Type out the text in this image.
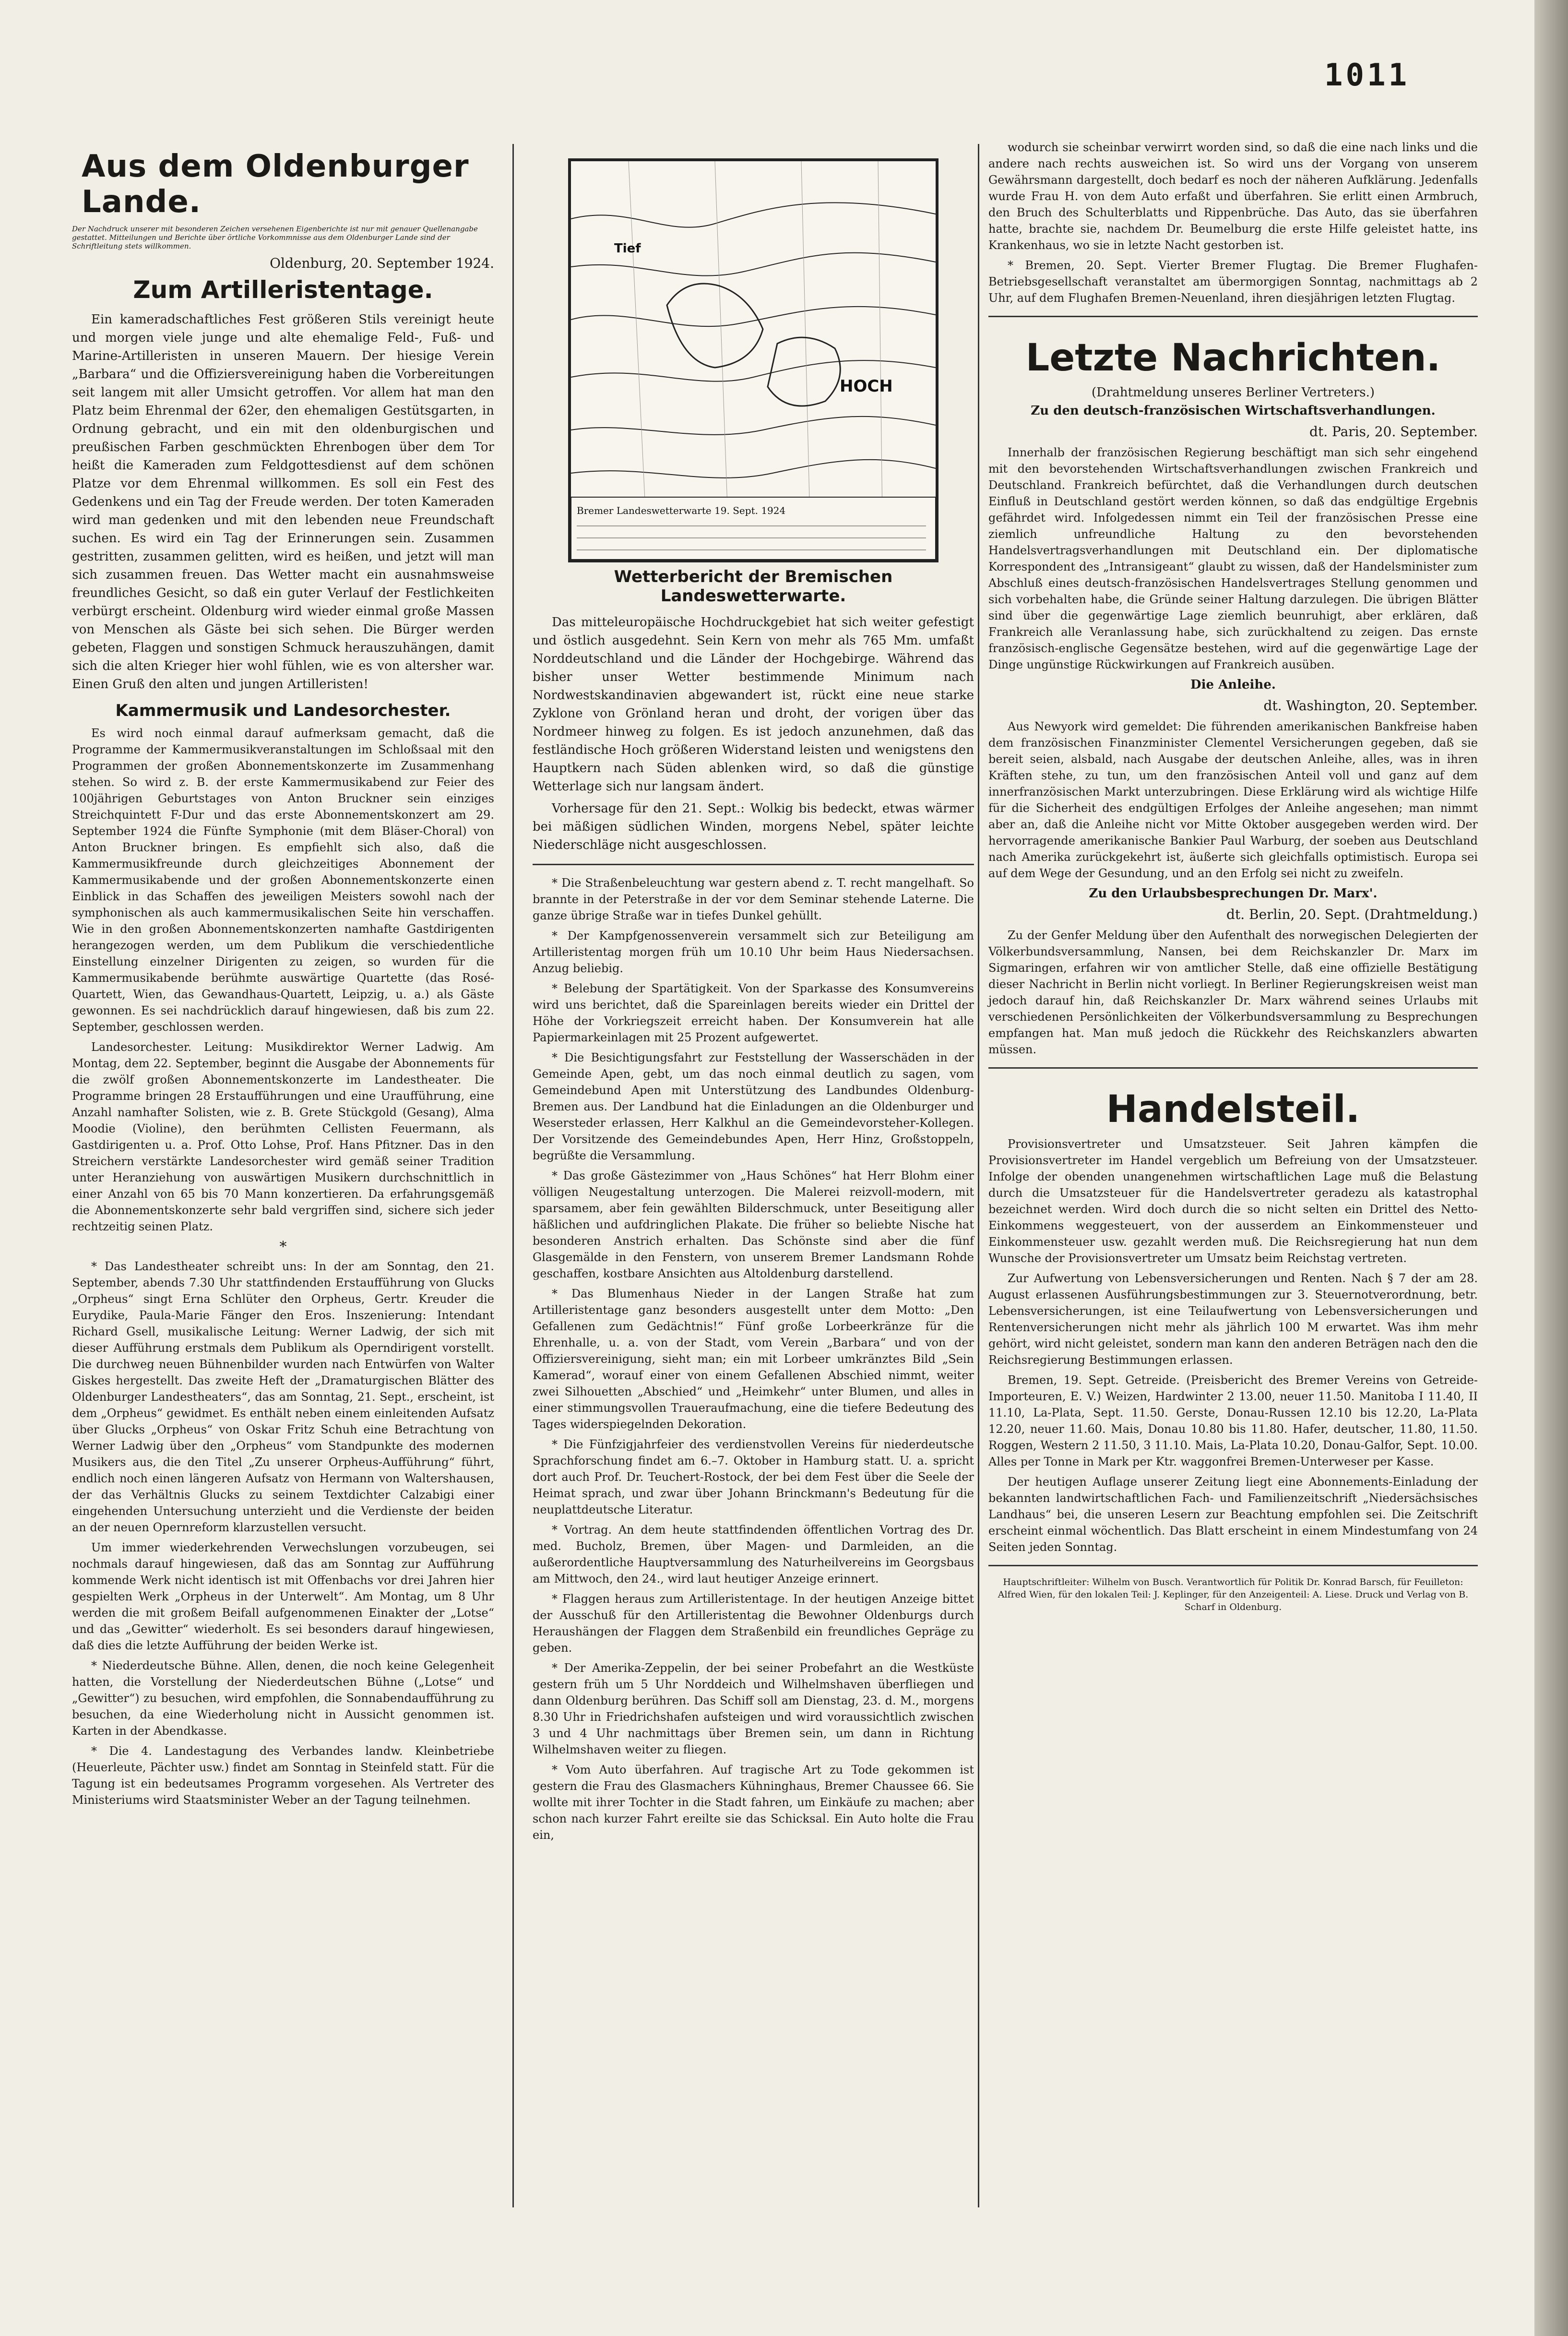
1011
Aus dem Oldenburger Lande.
Der Nachdruck unserer mit besonderen Zeichen versehenen Eigenberichte ist nur mit genauer Quellenangabe gestattet. Mitteilungen und Berichte über örtliche Vorkommnisse aus dem Oldenburger Lande sind der Schriftleitung stets willkommen.
Oldenburg, 20. September 1924.
Zum Artilleristentage.

Ein kameradschaftliches Fest größeren Stils vereinigt heute und morgen viele junge und alte ehemalige Feld-, Fuß- und Marine-Artilleristen in unseren Mauern. Der hiesige Verein „Barbara“ und die Offiziersvereinigung haben die Vorbereitungen seit langem mit aller Umsicht getroffen. Vor allem hat man den Platz beim Ehrenmal der 62er, den ehemaligen Gestütsgarten, in Ordnung gebracht, und ein mit den oldenburgischen und preußischen Farben geschmückten Ehrenbogen über dem Tor heißt die Kameraden zum Feldgottesdienst auf dem schönen Platze vor dem Ehrenmal willkommen. Es soll ein Fest des Gedenkens und ein Tag der Freude werden. Der toten Kameraden wird man gedenken und mit den lebenden neue Freundschaft suchen. Es wird ein Tag der Erinnerungen sein. Zusammen gestritten, zusammen gelitten, wird es heißen, und jetzt will man sich zusammen freuen. Das Wetter macht ein ausnahmsweise freundliches Gesicht, so daß ein guter Verlauf der Festlichkeiten verbürgt erscheint. Oldenburg wird wieder einmal große Massen von Menschen als Gäste bei sich sehen. Die Bürger werden gebeten, Flaggen und sonstigen Schmuck herauszuhängen, damit sich die alten Krieger hier wohl fühlen, wie es von altersher war. Einen Gruß den alten und jungen Artilleristen!

Kammermusik und Landesorchester.

Es wird noch einmal darauf aufmerksam gemacht, daß die Programme der Kammermusikveranstaltungen im Schloßsaal mit den Programmen der großen Abonnementskonzerte im Zusammenhang stehen. So wird z. B. der erste Kammermusikabend zur Feier des 100jährigen Geburtstages von Anton Bruckner sein einziges Streichquintett F-Dur und das erste Abonnementskonzert am 29. September 1924 die Fünfte Symphonie (mit dem Bläser-Choral) von Anton Bruckner bringen. Es empfiehlt sich also, daß die Kammermusikfreunde durch gleichzeitiges Abonnement der Kammermusikabende und der großen Abonnementskonzerte einen Einblick in das Schaffen des jeweiligen Meisters sowohl nach der symphonischen als auch kammermusikalischen Seite hin verschaffen. Wie in den großen Abonnementskonzerten namhafte Gastdirigenten herangezogen werden, um dem Publikum die verschiedentliche Einstellung einzelner Dirigenten zu zeigen, so wurden für die Kammermusikabende berühmte auswärtige Quartette (das Rosé-Quartett, Wien, das Gewandhaus-Quartett, Leipzig, u. a.) als Gäste gewonnen. Es sei nachdrücklich darauf hingewiesen, daß bis zum 22. September, geschlossen werden.

Landesorchester. Leitung: Musikdirektor Werner Ladwig. Am Montag, dem 22. September, beginnt die Ausgabe der Abonnements für die zwölf großen Abonnementskonzerte im Landestheater. Die Programme bringen 28 Erstaufführungen und eine Uraufführung, eine Anzahl namhafter Solisten, wie z. B. Grete Stückgold (Gesang), Alma Moodie (Violine), den berühmten Cellisten Feuermann, als Gastdirigenten u. a. Prof. Otto Lohse, Prof. Hans Pfitzner. Das in den Streichern verstärkte Landesorchester wird gemäß seiner Tradition unter Heranziehung von auswärtigen Musikern durchschnittlich in einer Anzahl von 65 bis 70 Mann konzertieren. Da erfahrungsgemäß die Abonnementskonzerte sehr bald vergriffen sind, sichere sich jeder rechtzeitig seinen Platz.

*

* Das Landestheater schreibt uns: In der am Sonntag, den 21. September, abends 7.30 Uhr stattfindenden Erstaufführung von Glucks „Orpheus“ singt Erna Schlüter den Orpheus, Gertr. Kreuder die Eurydike, Paula-Marie Fänger den Eros. Inszenierung: Intendant Richard Gsell, musikalische Leitung: Werner Ladwig, der sich mit dieser Aufführung erstmals dem Publikum als Operndirigent vorstellt. Die durchweg neuen Bühnenbilder wurden nach Entwürfen von Walter Giskes hergestellt. Das zweite Heft der „Dramaturgischen Blätter des Oldenburger Landestheaters“, das am Sonntag, 21. Sept., erscheint, ist dem „Orpheus“ gewidmet. Es enthält neben einem einleitenden Aufsatz über Glucks „Orpheus“ von Oskar Fritz Schuh eine Betrachtung von Werner Ladwig über den „Orpheus“ vom Standpunkte des modernen Musikers aus, die den Titel „Zu unserer Orpheus-Aufführung“ führt, endlich noch einen längeren Aufsatz von Hermann von Waltershausen, der das Verhältnis Glucks zu seinem Textdichter Calzabigi einer eingehenden Untersuchung unterzieht und die Verdienste der beiden an der neuen Opernreform klarzustellen versucht.

Um immer wiederkehrenden Verwechslungen vorzubeugen, sei nochmals darauf hingewiesen, daß das am Sonntag zur Aufführung kommende Werk nicht identisch ist mit Offenbachs vor drei Jahren hier gespielten Werk „Orpheus in der Unterwelt“. Am Montag, um 8 Uhr werden die mit großem Beifall aufgenommenen Einakter der „Lotse“ und das „Gewitter“ wiederholt. Es sei besonders darauf hingewiesen, daß dies die letzte Aufführung der beiden Werke ist.

* Niederdeutsche Bühne. Allen, denen, die noch keine Gelegenheit hatten, die Vorstellung der Niederdeutschen Bühne („Lotse“ und „Gewitter“) zu besuchen, wird empfohlen, die Sonnabendaufführung zu besuchen, da eine Wiederholung nicht in Aussicht genommen ist. Karten in der Abendkasse.

* Die 4. Landestagung des Verbandes landw. Kleinbetriebe (Heuerleute, Pächter usw.) findet am Sonntag in Steinfeld statt. Für die Tagung ist ein bedeutsames Programm vorgesehen. Als Vertreter des Ministeriums wird Staatsminister Weber an der Tagung teilnehmen.

HOCH
Tief
Bremer Landeswetterwarte 19. Sept. 1924
Wetterbericht der Bremischen Landeswetterwarte.

Das mitteleuropäische Hochdruckgebiet hat sich weiter gefestigt und östlich ausgedehnt. Sein Kern von mehr als 765 Mm. umfaßt Norddeutschland und die Länder der Hochgebirge. Während das bisher unser Wetter bestimmende Minimum nach Nordwestskandinavien abgewandert ist, rückt eine neue starke Zyklone von Grönland heran und droht, der vorigen über das Nordmeer hinweg zu folgen. Es ist jedoch anzunehmen, daß das festländische Hoch größeren Widerstand leisten und wenigstens den Hauptkern nach Süden ablenken wird, so daß die günstige Wetterlage sich nur langsam ändert.

Vorhersage für den 21. Sept.: Wolkig bis bedeckt, etwas wärmer bei mäßigen südlichen Winden, morgens Nebel, später leichte Niederschläge nicht ausgeschlossen.

* Die Straßenbeleuchtung war gestern abend z. T. recht mangelhaft. So brannte in der Peterstraße in der vor dem Seminar stehende Laterne. Die ganze übrige Straße war in tiefes Dunkel gehüllt.

* Der Kampfgenossenverein versammelt sich zur Beteiligung am Artilleristentag morgen früh um 10.10 Uhr beim Haus Niedersachsen. Anzug beliebig.

* Belebung der Spartätigkeit. Von der Sparkasse des Konsumvereins wird uns berichtet, daß die Spareinlagen bereits wieder ein Drittel der Höhe der Vorkriegszeit erreicht haben. Der Konsumverein hat alle Papiermarkeinlagen mit 25 Prozent aufgewertet.

* Die Besichtigungsfahrt zur Feststellung der Wasserschäden in der Gemeinde Apen, gebt, um das noch einmal deutlich zu sagen, vom Gemeindebund Apen mit Unterstützung des Landbundes Oldenburg-Bremen aus. Der Landbund hat die Einladungen an die Oldenburger und Wesersteder erlassen, Herr Kalkhul an die Gemeindevorsteher-Kollegen. Der Vorsitzende des Gemeindebundes Apen, Herr Hinz, Großstoppeln, begrüßte die Versammlung.

* Das große Gästezimmer von „Haus Schönes“ hat Herr Blohm einer völligen Neugestaltung unterzogen. Die Malerei reizvoll-modern, mit sparsamem, aber fein gewählten Bilderschmuck, unter Beseitigung aller häßlichen und aufdringlichen Plakate. Die früher so beliebte Nische hat besonderen Anstrich erhalten. Das Schönste sind aber die fünf Glasgemälde in den Fenstern, von unserem Bremer Landsmann Rohde geschaffen, kostbare Ansichten aus Altoldenburg darstellend.

* Das Blumenhaus Nieder in der Langen Straße hat zum Artilleristentage ganz besonders ausgestellt unter dem Motto: „Den Gefallenen zum Gedächtnis!“ Fünf große Lorbeerkränze für die Ehrenhalle, u. a. von der Stadt, vom Verein „Barbara“ und von der Offiziersvereinigung, sieht man; ein mit Lorbeer umkränztes Bild „Sein Kamerad“, worauf einer von einem Gefallenen Abschied nimmt, weiter zwei Silhouetten „Abschied“ und „Heimkehr“ unter Blumen, und alles in einer stimmungsvollen Traueraufmachung, eine die tiefere Bedeutung des Tages widerspiegelnden Dekoration.

* Die Fünfzigjahrfeier des verdienstvollen Vereins für niederdeutsche Sprachforschung findet am 6.–7. Oktober in Hamburg statt. U. a. spricht dort auch Prof. Dr. Teuchert-Rostock, der bei dem Fest über die Seele der Heimat sprach, und zwar über Johann Brinckmann's Bedeutung für die neuplattdeutsche Literatur.

* Vortrag. An dem heute stattfindenden öffentlichen Vortrag des Dr. med. Bucholz, Bremen, über Magen- und Darmleiden, an die außerordentliche Hauptversammlung des Naturheilvereins im Georgsbaus am Mittwoch, den 24., wird laut heutiger Anzeige erinnert.

* Flaggen heraus zum Artilleristentage. In der heutigen Anzeige bittet der Ausschuß für den Artilleristentag die Bewohner Oldenburgs durch Heraushängen der Flaggen dem Straßenbild ein freundliches Gepräge zu geben.

* Der Amerika-Zeppelin, der bei seiner Probefahrt an die Westküste gestern früh um 5 Uhr Norddeich und Wilhelmshaven überfliegen und dann Oldenburg berühren. Das Schiff soll am Dienstag, 23. d. M., morgens 8.30 Uhr in Friedrichshafen aufsteigen und wird voraussichtlich zwischen 3 und 4 Uhr nachmittags über Bremen sein, um dann in Richtung Wilhelmshaven weiter zu fliegen.

* Vom Auto überfahren. Auf tragische Art zu Tode gekommen ist gestern die Frau des Glasmachers Kühninghaus, Bremer Chaussee 66. Sie wollte mit ihrer Tochter in die Stadt fahren, um Einkäufe zu machen; aber schon nach kurzer Fahrt ereilte sie das Schicksal. Ein Auto holte die Frau ein,

wodurch sie scheinbar verwirrt worden sind, so daß die eine nach links und die andere nach rechts ausweichen ist. So wird uns der Vorgang von unserem Gewährsmann dargestellt, doch bedarf es noch der näheren Aufklärung. Jedenfalls wurde Frau H. von dem Auto erfaßt und überfahren. Sie erlitt einen Armbruch, den Bruch des Schulterblatts und Rippenbrüche. Das Auto, das sie überfahren hatte, brachte sie, nachdem Dr. Beumelburg die erste Hilfe geleistet hatte, ins Krankenhaus, wo sie in letzte Nacht gestorben ist.

* Bremen, 20. Sept. Vierter Bremer Flugtag. Die Bremer Flughafen-Betriebsgesellschaft veranstaltet am übermorgigen Sonntag, nachmittags ab 2 Uhr, auf dem Flughafen Bremen-Neuenland, ihren diesjährigen letzten Flugtag.

Letzte Nachrichten.
(Drahtmeldung unseres Berliner Vertreters.)
Zu den deutsch-französischen Wirtschaftsverhandlungen.
dt. Paris, 20. September.

Innerhalb der französischen Regierung beschäftigt man sich sehr eingehend mit den bevorstehenden Wirtschaftsverhandlungen zwischen Frankreich und Deutschland. Frankreich befürchtet, daß die Verhandlungen durch deutschen Einfluß in Deutschland gestört werden können, so daß das endgültige Ergebnis gefährdet wird. Infolgedessen nimmt ein Teil der französischen Presse eine ziemlich unfreundliche Haltung zu den bevorstehenden Handelsvertragsverhandlungen mit Deutschland ein. Der diplomatische Korrespondent des „Intransigeant“ glaubt zu wissen, daß der Handelsminister zum Abschluß eines deutsch-französischen Handelsvertrages Stellung genommen und sich vorbehalten habe, die Gründe seiner Haltung darzulegen. Die übrigen Blätter sind über die gegenwärtige Lage ziemlich beunruhigt, aber erklären, daß Frankreich alle Veranlassung habe, sich zurückhaltend zu zeigen. Das ernste französisch-englische Gegensätze bestehen, wird auf die gegenwärtige Lage der Dinge ungünstige Rückwirkungen auf Frankreich ausüben.

Die Anleihe.
dt. Washington, 20. September.

Aus Newyork wird gemeldet: Die führenden amerikanischen Bankfreise haben dem französischen Finanzminister Clementel Versicherungen gegeben, daß sie bereit seien, alsbald, nach Ausgabe der deutschen Anleihe, alles, was in ihren Kräften stehe, zu tun, um den französischen Anteil voll und ganz auf dem innerfranzösischen Markt unterzubringen. Diese Erklärung wird als wichtige Hilfe für die Sicherheit des endgültigen Erfolges der Anleihe angesehen; man nimmt aber an, daß die Anleihe nicht vor Mitte Oktober ausgegeben werden wird. Der hervorragende amerikanische Bankier Paul Warburg, der soeben aus Deutschland nach Amerika zurückgekehrt ist, äußerte sich gleichfalls optimistisch. Europa sei auf dem Wege der Gesundung, und an den Erfolg sei nicht zu zweifeln.

Zu den Urlaubsbesprechungen Dr. Marx'.
dt. Berlin, 20. Sept. (Drahtmeldung.)

Zu der Genfer Meldung über den Aufenthalt des norwegischen Delegierten der Völkerbundsversammlung, Nansen, bei dem Reichskanzler Dr. Marx im Sigmaringen, erfahren wir von amtlicher Stelle, daß eine offizielle Bestätigung dieser Nachricht in Berlin nicht vorliegt. In Berliner Regierungskreisen weist man jedoch darauf hin, daß Reichskanzler Dr. Marx während seines Urlaubs mit verschiedenen Persönlichkeiten der Völkerbundsversammlung zu Besprechungen empfangen hat. Man muß jedoch die Rückkehr des Reichskanzlers abwarten müssen.

Handelsteil.

Provisionsvertreter und Umsatzsteuer. Seit Jahren kämpfen die Provisionsvertreter im Handel vergeblich um Befreiung von der Umsatzsteuer. Infolge der obenden unangenehmen wirtschaftlichen Lage muß die Belastung durch die Umsatzsteuer für die Handelsvertreter geradezu als katastrophal bezeichnet werden. Wird doch durch die so nicht selten ein Drittel des Netto-Einkommens weggesteuert, von der ausserdem an Einkommensteuer und Einkommensteuer usw. gezahlt werden muß. Die Reichsregierung hat nun dem Wunsche der Provisionsvertreter um Umsatz beim Reichstag vertreten.

Zur Aufwertung von Lebensversicherungen und Renten. Nach § 7 der am 28. August erlassenen Ausführungsbestimmungen zur 3. Steuernotverordnung, betr. Lebensversicherungen, ist eine Teilaufwertung von Lebensversicherungen und Rentenversicherungen nicht mehr als jährlich 100 M erwartet. Was ihm mehr gehört, wird nicht geleistet, sondern man kann den anderen Beträgen nach den die Reichsregierung Bestimmungen erlassen.

Bremen, 19. Sept. Getreide. (Preisbericht des Bremer Vereins von Getreide-Importeuren, E. V.) Weizen, Hardwinter 2 13.00, neuer 11.50. Manitoba I 11.40, II 11.10, La-Plata, Sept. 11.50. Gerste, Donau-Russen 12.10 bis 12.20, La-Plata 12.20, neuer 11.60. Mais, Donau 10.80 bis 11.80. Hafer, deutscher, 11.80, 11.50. Roggen, Western 2 11.50, 3 11.10. Mais, La-Plata 10.20, Donau-Galfor, Sept. 10.00. Alles per Tonne in Mark per Ktr. waggonfrei Bremen-Unterweser per Kasse.

Der heutigen Auflage unserer Zeitung liegt eine Abonnements-Einladung der bekannten landwirtschaftlichen Fach- und Familienzeitschrift „Niedersächsisches Landhaus“ bei, die unseren Lesern zur Beachtung empfohlen sei. Die Zeitschrift erscheint einmal wöchentlich. Das Blatt erscheint in einem Mindestumfang von 24 Seiten jeden Sonntag.

Hauptschriftleiter: Wilhelm von Busch. Verantwortlich für Politik Dr. Konrad Barsch, für Feuilleton: Alfred Wien, für den lokalen Teil: J. Keplinger, für den Anzeigenteil: A. Liese. Druck und Verlag von B. Scharf in Oldenburg.
